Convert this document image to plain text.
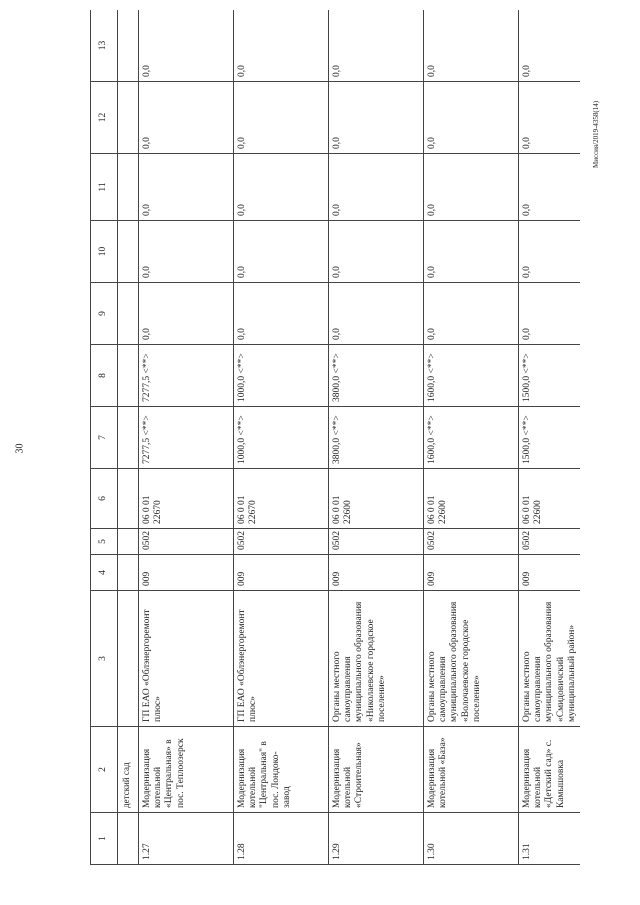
30
Миссия/2019-4358(14)
1	2	3	4	5	6	7	8	9	10	11	12	13
	детский сад											
1.27	Модернизация котельной «Центральная» в пос. Теплоозерск	ГП ЕАО «Облэнергоремонт плюс»	009	0502	06 0 01 22670	7277,5 <**>	7277,5 <**>	0,0	0,0	0,0	0,0	0,0
1.28	Модернизация котельной "Центральная" в пос. Лондоко-завод	ГП ЕАО «Облэнергоремонт плюс»	009	0502	06 0 01 22670	1000,0 <**>	1000,0 <**>	0,0	0,0	0,0	0,0	0,0
1.29	Модернизация котельной «Строительная»	Органы местного самоуправления муниципального образования «Николаевское городское поселение»	009	0502	06 0 01 22600	3800,0 <**>	3800,0 <**>	0,0	0,0	0,0	0,0	0,0
1.30	Модернизация котельной «База»	Органы местного самоуправления муниципального образования «Волочаевское городское поселение»	009	0502	06 0 01 22600	1600,0 <**>	1600,0 <**>	0,0	0,0	0,0	0,0	0,0
1.31	Модернизация котельной «Детский сад» с. Камышовка	Органы местного самоуправления муниципального образования «Смидовичский муниципальный район»	009	0502	06 0 01 22600	1500,0 <**>	1500,0 <**>	0,0	0,0	0,0	0,0	0,0
